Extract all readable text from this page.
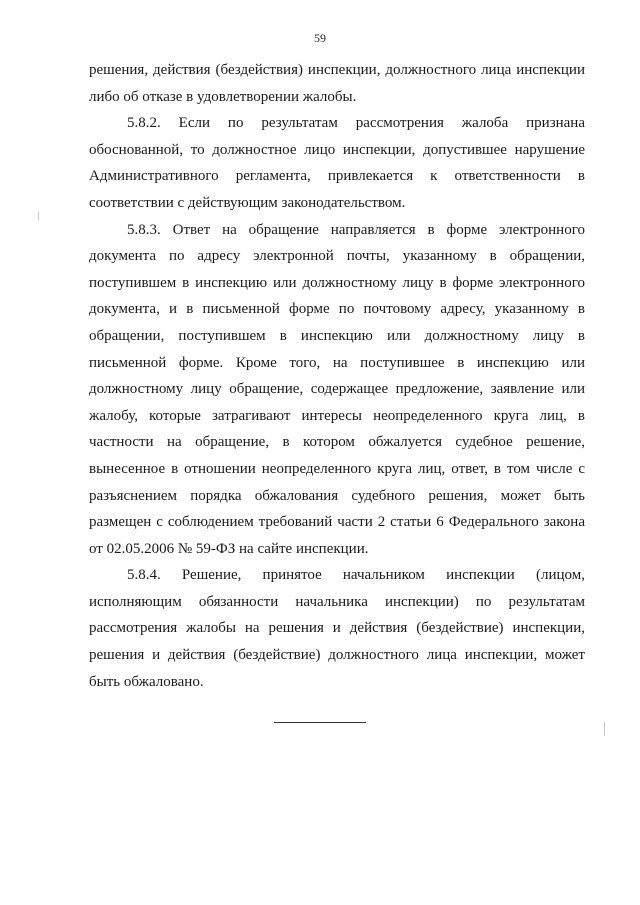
59

решения, действия (бездействия) инспекции, должностного лица инспекции либо об отказе в удовлетворении жалобы.

5.8.2. Если по результатам рассмотрения жалоба признана обоснованной, то должностное лицо инспекции, допустившее нарушение Административного регламента, привлекается к ответственности в соответствии с действующим законодательством.

5.8.3. Ответ на обращение направляется в форме электронного документа по адресу электронной почты, указанному в обращении, поступившем в инспекцию или должностному лицу в форме электронного документа, и в письменной форме по почтовому адресу, указанному в обращении, поступившем в инспекцию или должностному лицу в письменной форме. Кроме того, на поступившее в инспекцию или должностному лицу обращение, содержащее предложение, заявление или жалобу, которые затрагивают интересы неопределенного круга лиц, в частности на обращение, в котором обжалуется судебное решение, вынесенное в отношении неопределенного круга лиц, ответ, в том числе с разъяснением порядка обжалования судебного решения, может быть размещен с соблюдением требований части 2 статьи 6 Федерального закона от 02.05.2006 № 59-ФЗ на сайте инспекции.

5.8.4. Решение, принятое начальником инспекции (лицом, исполняющим обязанности начальника инспекции) по результатам рассмотрения жалобы на решения и действия (бездействие) инспекции, решения и действия (бездействие) должностного лица инспекции, может быть обжаловано.
